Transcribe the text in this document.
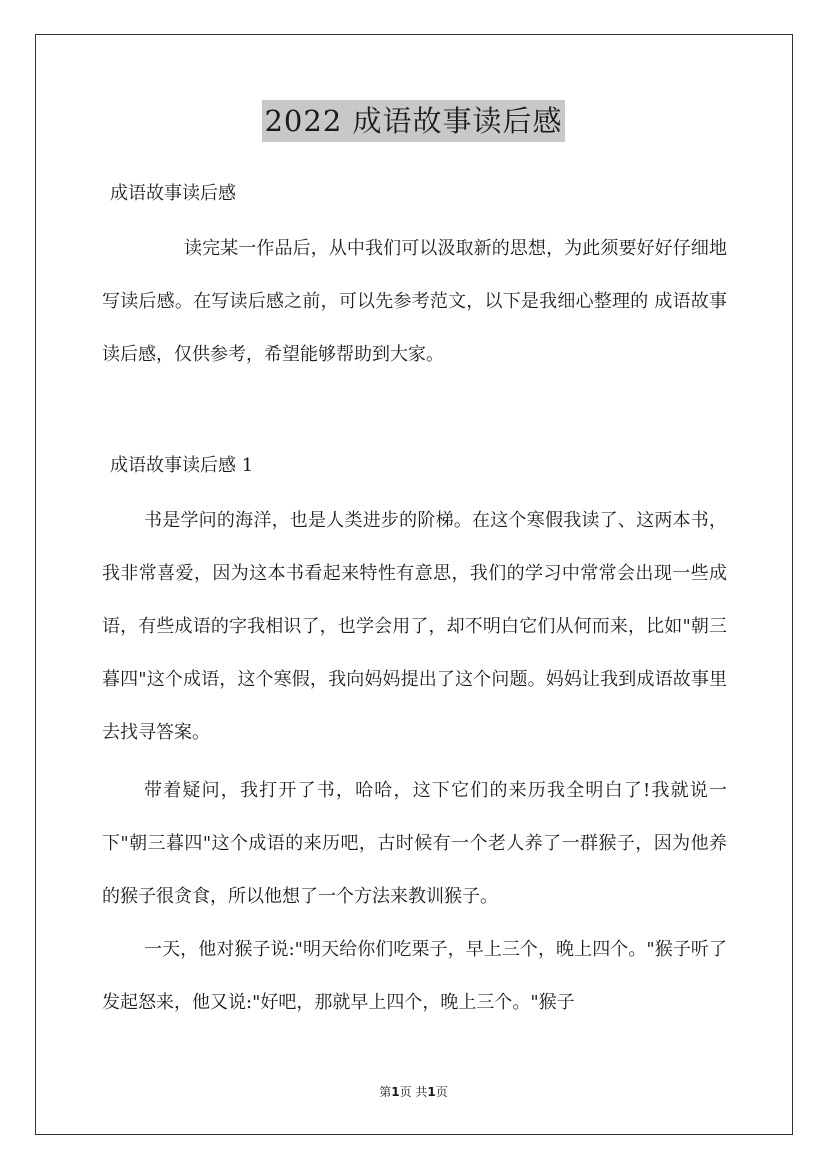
2022 成语故事读后感
成语故事读后感

读完某一作品后，从中我们可以汲取新的思想，为此须要好好仔细地写读后感。在写读后感之前，可以先参考范文，以下是我细心整理的 成语故事读后感，仅供参考，希望能够帮助到大家。

成语故事读后感 1

书是学问的海洋，也是人类进步的阶梯。在这个寒假我读了、这两本书，我非常喜爱，因为这本书看起来特性有意思，我们的学习中常常会出现一些成语，有些成语的字我相识了，也学会用了，却不明白它们从何而来，比如"朝三暮四"这个成语，这个寒假，我向妈妈提出了这个问题。妈妈让我到成语故事里去找寻答案。

带着疑问，我打开了书，哈哈，这下它们的来历我全明白了!我就说一下"朝三暮四"这个成语的来历吧，古时候有一个老人养了一群猴子，因为他养的猴子很贪食，所以他想了一个方法来教训猴子。

一天，他对猴子说:"明天给你们吃栗子，早上三个，晚上四个。"猴子听了发起怒来，他又说:"好吧，那就早上四个，晚上三个。"猴子

第1页 共1页
